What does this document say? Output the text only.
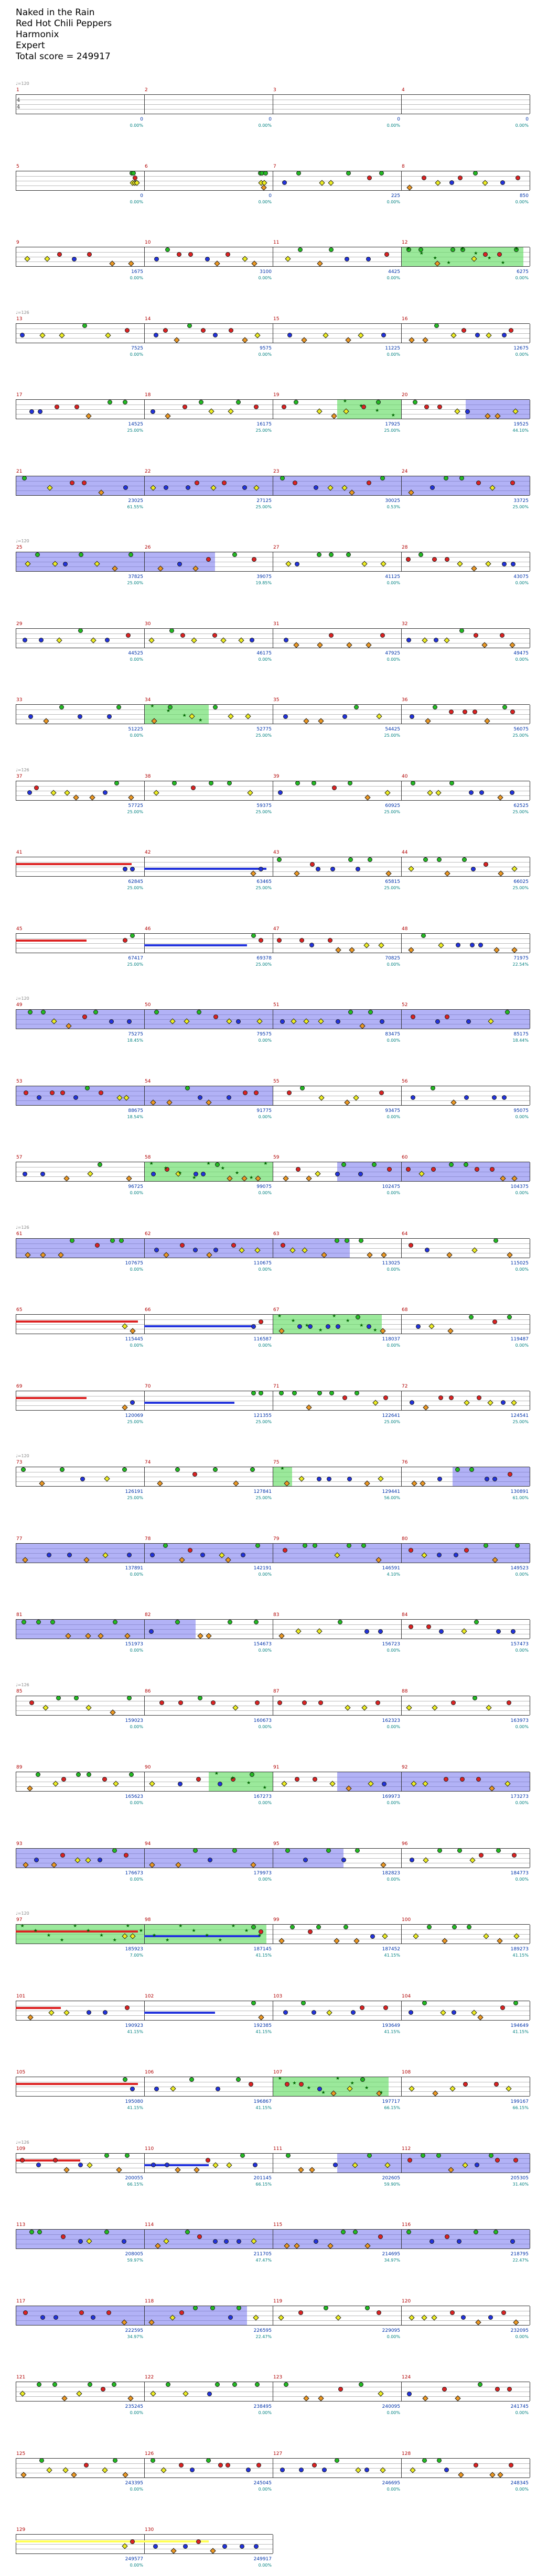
Naked in the Rain
Red Hot Chili Peppers
Harmonix
Expert
Total score = 249917
4
4
1
0
0.00%
2
0
0.00%
3
0
0.00%
4
0
0.00%
♩=120
5
0
0.00%
6
0
0.00%
7
225
0.00%
8
850
0.00%
9
1675
0.00%
10
3100
0.00%
11
4425
0.00%
12
6275
0.00%
★
★
★
★
★
★
★
★
★
13
7525
0.00%
14
9575
0.00%
15
11225
0.00%
16
12675
0.00%
♩=126
17
14525
25.00%
18
16175
25.00%
19
17925
25.00%
20
19525
44.10%
★
★
★
★
21
23025
61.55%
22
27125
25.00%
23
30025
0.53%
24
33725
25.00%
25
37825
25.00%
26
39075
19.85%
27
41125
0.00%
28
43075
0.00%
♩=120
29
44525
0.00%
30
46175
0.00%
31
47925
0.00%
32
49475
0.00%
33
51225
0.00%
34
52775
25.00%
35
54425
25.00%
36
56075
25.00%
★
★
★
★
37
57725
25.00%
38
59375
25.00%
39
60925
25.00%
40
62525
25.00%
♩=126
41
62845
25.00%
42
63465
25.00%
43
65815
25.00%
44
66025
25.00%
45
67417
25.00%
46
69378
25.00%
47
70825
0.00%
48
71975
22.54%
49
75275
18.45%
50
79575
0.00%
51
83475
0.00%
52
85175
18.44%
♩=120
53
88675
18.54%
54
91775
0.00%
55
93475
0.00%
56
95075
0.00%
57
96725
0.00%
58
99075
0.00%
59
102475
0.00%
60
104375
0.00%
★
★
★
★
★
★
★
★
★
61
107675
0.00%
62
110675
0.00%
63
113025
0.00%
64
115025
0.00%
♩=126
65
115445
0.00%
66
116587
0.00%
67
118037
0.00%
68
119487
0.00%
★
★
★
★
★
★
★
★
69
120069
25.00%
70
121355
25.00%
71
122641
25.00%
72
124541
25.00%
73
126191
25.00%
74
127841
25.00%
75
129441
56.00%
76
130891
61.00%
♩=120
★
77
137891
0.00%
78
142191
0.00%
79
146591
4.10%
80
149523
0.00%
81
151973
0.00%
82
154673
0.00%
83
156723
0.00%
84
157473
0.00%
85
159023
0.00%
86
160673
0.00%
87
162323
0.00%
88
163973
0.00%
♩=126
89
165623
0.00%
90
167273
0.00%
91
169973
0.00%
92
173273
0.00%
★
★
★
★
93
176673
0.00%
94
179973
0.00%
95
182823
0.00%
96
184773
0.00%
97
185923
7.00%
98
187145
41.15%
99
187452
41.15%
100
189273
41.15%
♩=120
★
★
★
★
★
★
★
★
★
★
★
★
★
★
★
★
★
★
★
101
190923
41.15%
102
192385
41.15%
103
193649
41.15%
104
194649
41.15%
105
195080
41.15%
106
196867
41.15%
107
197717
66.15%
108
199167
66.15%
★
★
★
★
★
★
★
★
109
200055
66.15%
110
201145
66.15%
111
202605
59.90%
112
205305
31.40%
♩=126
113
208005
59.97%
114
211705
47.47%
115
214695
34.97%
116
218795
22.47%
117
222595
34.97%
118
226595
22.47%
119
229095
0.00%
120
232095
0.00%
121
235245
0.00%
122
238495
0.00%
123
240095
0.00%
124
241745
0.00%
125
243395
0.00%
126
245045
0.00%
127
246695
0.00%
128
248345
0.00%
129
249577
0.00%
130
249917
0.00%
